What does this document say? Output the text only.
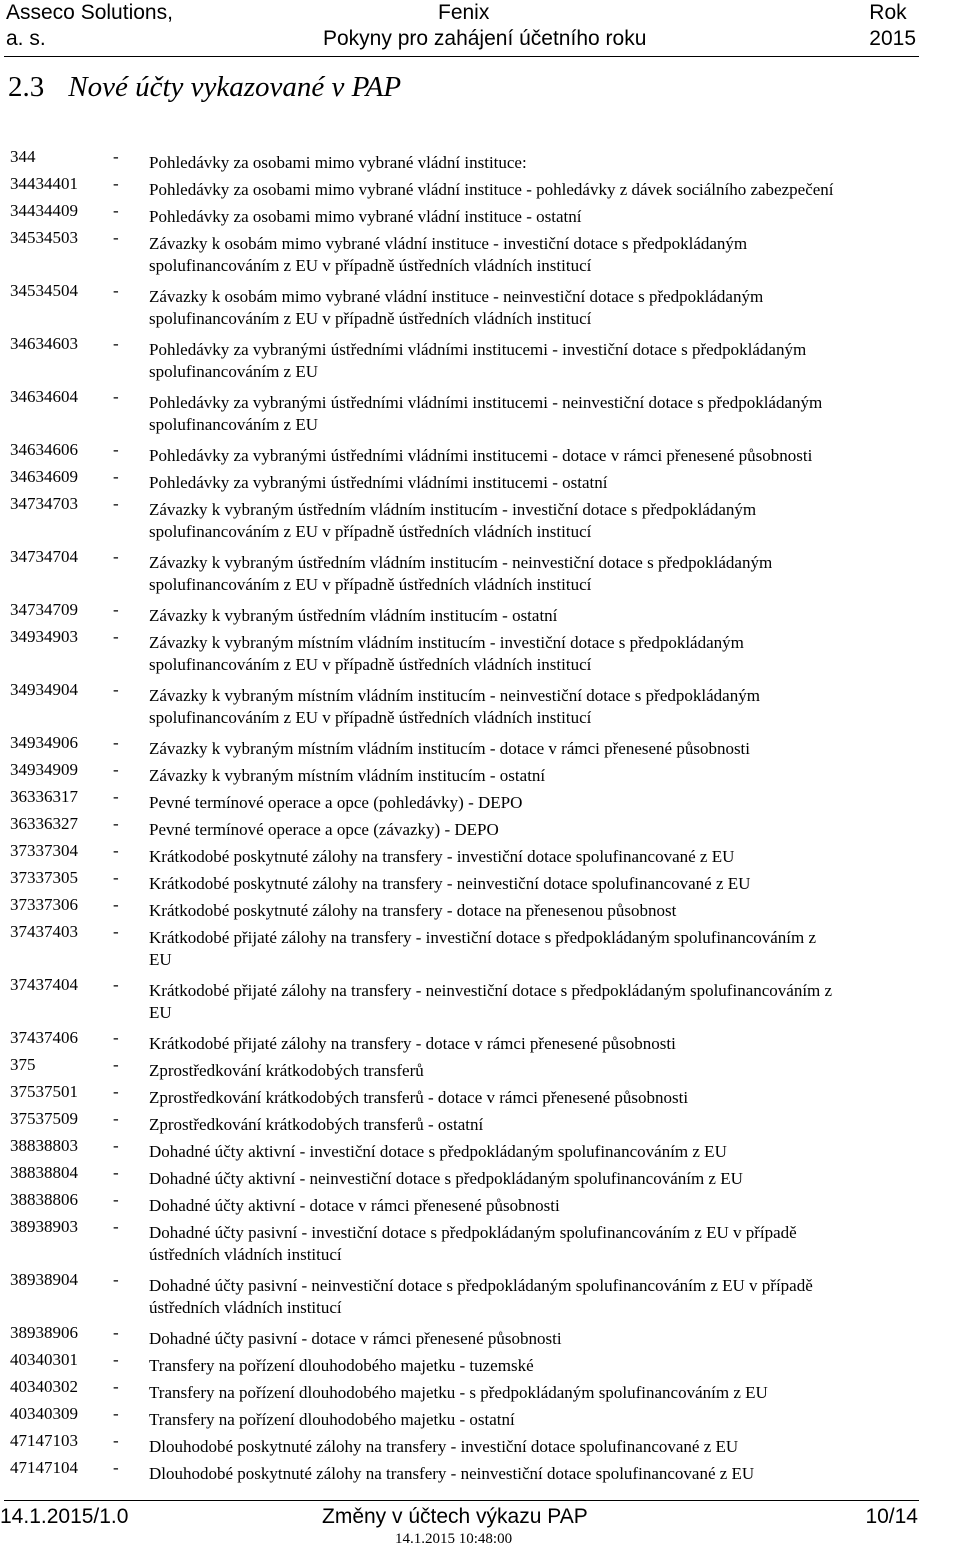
Asseco Solutions,
a. s.
Fenix
Pokyny pro zahájení účetního roku
Rok
2015
2.3 Nové účty vykazované v PAP
344	- Pohledávky za osobami mimo vybrané vládní instituce:
34434401	- Pohledávky za osobami mimo vybrané vládní instituce - pohledávky z dávek sociálního zabezpečení
34434409	- Pohledávky za osobami mimo vybrané vládní instituce - ostatní
34534503	- Závazky k osobám mimo vybrané vládní instituce - investiční dotace s předpokládaným
spolufinancováním z EU v případně ústředních vládních institucí
34534504	- Závazky k osobám mimo vybrané vládní instituce - neinvestiční dotace s předpokládaným
spolufinancováním z EU v případně ústředních vládních institucí
34634603	- Pohledávky za vybranými ústředními vládními institucemi - investiční dotace s předpokládaným
spolufinancováním z EU
34634604	- Pohledávky za vybranými ústředními vládními institucemi - neinvestiční dotace s předpokládaným
spolufinancováním z EU
34634606	- Pohledávky za vybranými ústředními vládními institucemi - dotace v rámci přenesené působnosti
34634609	- Pohledávky za vybranými ústředními vládními institucemi - ostatní
34734703	- Závazky k vybraným ústředním vládním institucím - investiční dotace s předpokládaným
spolufinancováním z EU v případně ústředních vládních institucí
34734704	- Závazky k vybraným ústředním vládním institucím - neinvestiční dotace s předpokládaným
spolufinancováním z EU v případně ústředních vládních institucí
34734709	- Závazky k vybraným ústředním vládním institucím - ostatní
34934903	- Závazky k vybraným místním vládním institucím - investiční dotace s předpokládaným
spolufinancováním z EU v případně ústředních vládních institucí
34934904	- Závazky k vybraným místním vládním institucím - neinvestiční dotace s předpokládaným
spolufinancováním z EU v případně ústředních vládních institucí
34934906	- Závazky k vybraným místním vládním institucím - dotace v rámci přenesené působnosti
34934909	- Závazky k vybraným místním vládním institucím - ostatní
36336317	- Pevné termínové operace a opce (pohledávky) - DEPO
36336327	- Pevné termínové operace a opce (závazky) - DEPO
37337304	- Krátkodobé poskytnuté zálohy na transfery - investiční dotace spolufinancované z EU
37337305	- Krátkodobé poskytnuté zálohy na transfery - neinvestiční dotace spolufinancované z EU
37337306	- Krátkodobé poskytnuté zálohy na transfery - dotace na přenesenou působnost
37437403	- Krátkodobé přijaté zálohy na transfery - investiční dotace s předpokládaným spolufinancováním z
EU
37437404	- Krátkodobé přijaté zálohy na transfery - neinvestiční dotace s předpokládaným spolufinancováním z
EU
37437406	- Krátkodobé přijaté zálohy na transfery - dotace v rámci přenesené působnosti
375	- Zprostředkování krátkodobých transferů
37537501	- Zprostředkování krátkodobých transferů - dotace v rámci přenesené působnosti
37537509	- Zprostředkování krátkodobých transferů - ostatní
38838803	- Dohadné účty aktivní - investiční dotace s předpokládaným spolufinancováním z EU
38838804	- Dohadné účty aktivní - neinvestiční dotace s předpokládaným spolufinancováním z EU
38838806	- Dohadné účty aktivní - dotace v rámci přenesené působnosti
38938903	- Dohadné účty pasivní - investiční dotace s předpokládaným spolufinancováním z EU v případě
ústředních vládních institucí
38938904	- Dohadné účty pasivní - neinvestiční dotace s předpokládaným spolufinancováním z EU v případě
ústředních vládních institucí
38938906	- Dohadné účty pasivní - dotace v rámci přenesené působnosti
40340301	- Transfery na pořízení dlouhodobého majetku - tuzemské
40340302	- Transfery na pořízení dlouhodobého majetku - s předpokládaným spolufinancováním z EU
40340309	- Transfery na pořízení dlouhodobého majetku - ostatní
47147103	- Dlouhodobé poskytnuté zálohy na transfery - investiční dotace spolufinancované z EU
47147104	- Dlouhodobé poskytnuté zálohy na transfery - neinvestiční dotace spolufinancované z EU
14.1.2015/1.0	Změny v účtech výkazu PAP
14.1.2015 10:48:00
10/14
